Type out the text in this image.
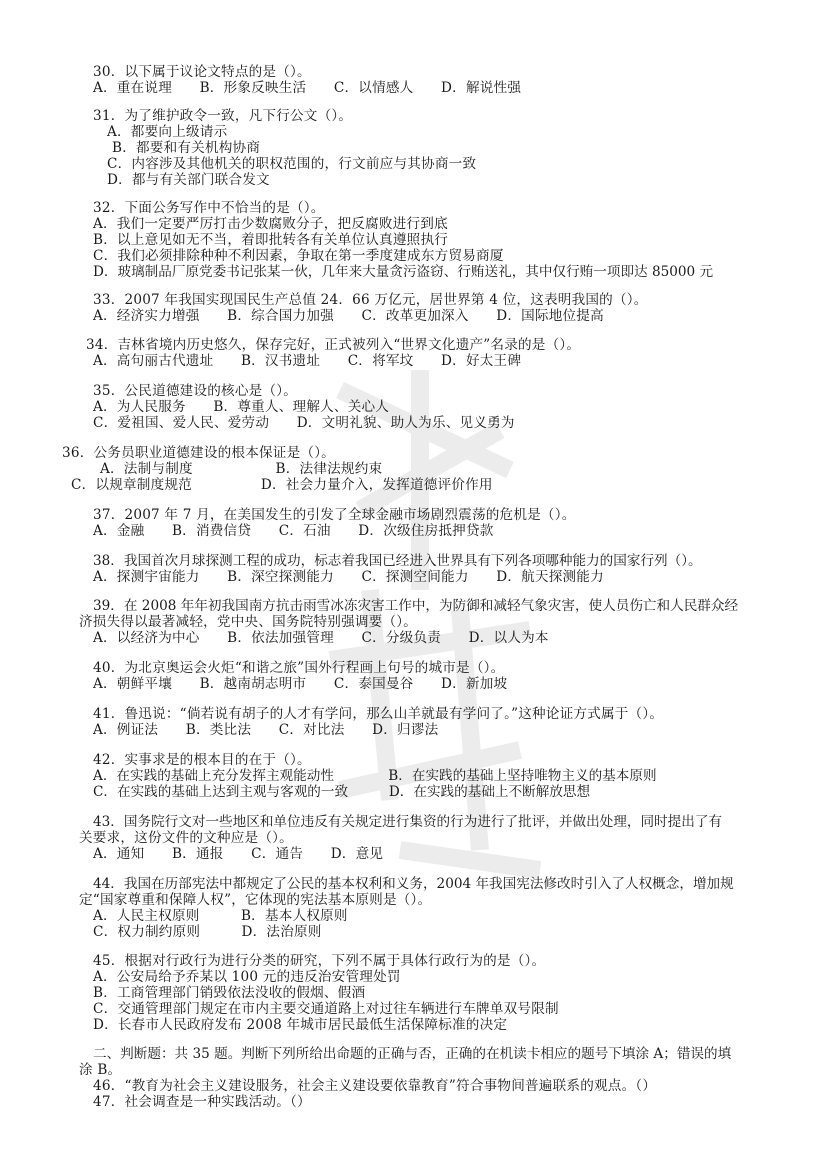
30．以下属于议论文特点的是（）。
A．重在说理　　B．形象反映生活　　C．以情感人　　D．解说性强
31．为了维护政令一致，凡下行公文（）。
A．都要向上级请示
B．都要和有关机构协商
C．内容涉及其他机关的职权范围的，行文前应与其协商一致
D．都与有关部门联合发文
32．下面公务写作中不恰当的是（）。
A．我们一定要严厉打击少数腐败分子，把反腐败进行到底
B．以上意见如无不当，着即批转各有关单位认真遵照执行
C．我们必须排除种种不利因素，争取在第一季度建成东方贸易商厦
D．玻璃制品厂原党委书记张某一伙，几年来大量贪污盗窃、行贿送礼，其中仅行贿一项即达 85000 元
33．2007 年我国实现国民生产总值 24．66 万亿元，居世界第 4 位，这表明我国的（）。
A．经济实力增强　　B．综合国力加强　　C．改革更加深入　　D．国际地位提高
34．吉林省境内历史悠久，保存完好，正式被列入“世界文化遗产”名录的是（）。
A．高句丽古代遗址　　B．汉书遗址　　C．将军坟　　D．好太王碑
35．公民道德建设的核心是（）。
A．为人民服务　　B．尊重人、理解人、关心人
C．爱祖国、爱人民、爱劳动　　D．文明礼貌、助人为乐、见义勇为
36．公务员职业道德建设的根本保证是（）。
A．法制与制度　　　　　　B．法律法规约束
C．以规章制度规范　　　　　D．社会力量介入，发挥道德评价作用
37．2007 年 7 月，在美国发生的引发了全球金融市场剧烈震荡的危机是（）。
A．金融　　B．消费信贷　　C．石油　　D．次级住房抵押贷款
38．我国首次月球探测工程的成功，标志着我国已经进入世界具有下列各项哪种能力的国家行列（）。
A．探测宇宙能力　　B．深空探测能力　　C．探测空间能力　　D．航天探测能力
39．在 2008 年年初我国南方抗击雨雪冰冻灾害工作中，为防御和减轻气象灾害，使人员伤亡和人民群众经
济损失得以最著减轻，党中央、国务院特别强调要（）。
A．以经济为中心　　B．依法加强管理　　C．分级负责　　D．以人为本
40．为北京奥运会火炬“和谐之旅”国外行程画上句号的城市是（）。
A．朝鲜平壤　　B．越南胡志明市　　C．泰国曼谷　　D．新加坡
41．鲁迅说：“倘若说有胡子的人才有学问，那么山羊就最有学问了。”这种论证方式属于（）。
A．例证法　　B．类比法　　C．对比法　　D．归谬法
42．实事求是的根本目的在于（）。
A．在实践的基础上充分发挥主观能动性　　　　B．在实践的基础上坚持唯物主义的基本原则
C．在实践的基础上达到主观与客观的一致　　　D．在实践的基础上不断解放思想
43．国务院行文对一些地区和单位违反有关规定进行集资的行为进行了批评，并做出处理，同时提出了有
关要求，这份文件的文种应是（）。
A．通知　　B．通报　　C．通告　　D．意见
44．我国在历部宪法中都规定了公民的基本权利和义务，2004 年我国宪法修改时引入了人权概念，增加规
定“国家尊重和保障人权”，它体现的宪法基本原则是（）。
A．人民主权原则　　　B．基本人权原则
C．权力制约原则　　　D．法治原则
45．根据对行政行为进行分类的研究，下列不属于具体行政行为的是（）。
A．公安局给予乔某以 100 元的违反治安管理处罚
B．工商管理部门销毁依法没收的假烟、假酒
C．交通管理部门规定在市内主要交通道路上对过往车辆进行车牌单双号限制
D．长春市人民政府发布 2008 年城市居民最低生活保障标准的决定
二、判断题：共 35 题。判断下列所给出命题的正确与否，正确的在机读卡相应的题号下填涂 A；错误的填
涂 B。
46．“教育为社会主义建设服务，社会主义建设要依靠教育”符合事物间普遍联系的观点。（）
47．社会调查是一种实践活动。（）
